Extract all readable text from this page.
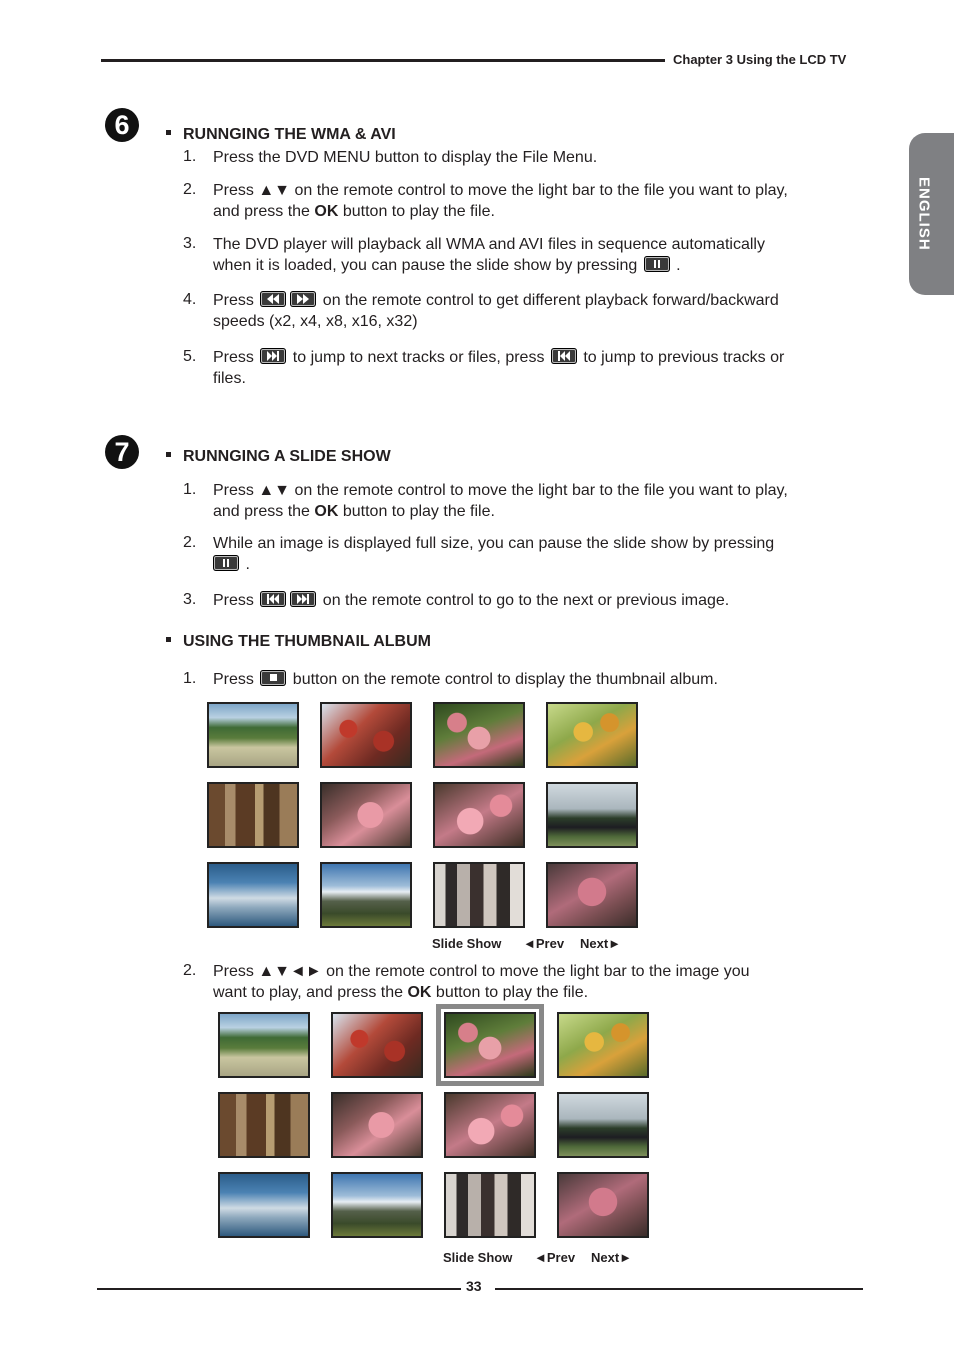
Chapter 3 Using the LCD TV
ENGLISH
6	RUNNGING THE WMA & AVI
1. Press the DVD MENU button to display the File Menu.
2. Press ▲▼ on the remote control to move the light bar to the file you want to play,
and press the OK button to play the file.
3. The DVD player will playback all WMA and AVI files in sequence automatically
when it is loaded, you can pause the slide show by pressing
.
4. Press	on the remote control to get different playback forward/backward
speeds (x2, x4, x8, x16, x32)
5. Press
to jump to next tracks or files, press
to jump to previous tracks or
files.
7	RUNNGING A SLIDE SHOW
1. Press ▲▼ on the remote control to move the light bar to the file you want to play,
and press the OK button to play the file.
2. While an image is displayed full size, you can pause the slide show by pressing

.
3. Press	on the remote control to go to the next or previous image.
USING THE THUMBNAIL ALBUM
1. Press
button on the remote control to display the thumbnail album.
Slide Show ◄Prev Next►
2. Press ▲▼◄► on the remote control to move the light bar to the image you
want to play, and press the OK button to play the file.
Slide Show ◄Prev Next►
33
